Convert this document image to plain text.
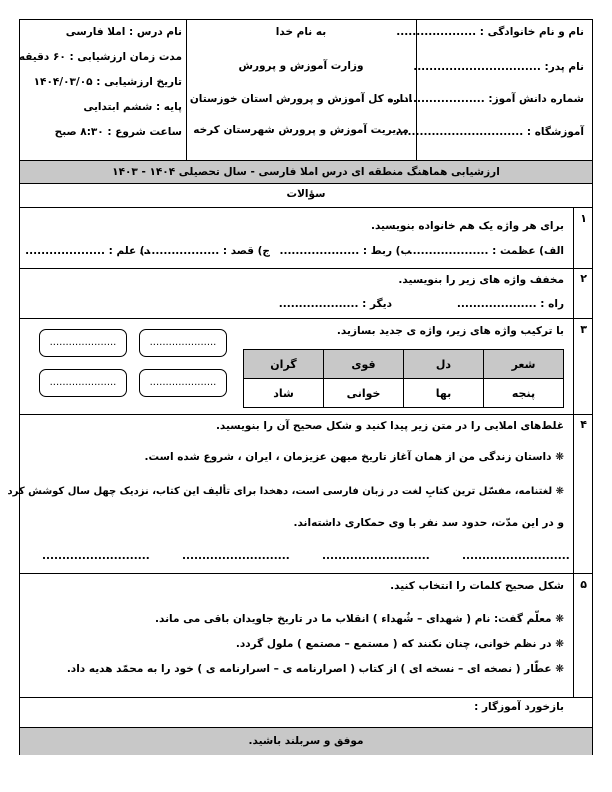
نام و نام خانوادگی : ....................
نام پدر: ................................
شماره دانش آموز: ........................
آموزشگاه : ................................
به نام خدا
وزارت آموزش و پرورش
اداره کل آموزش و پرورش استان خوزستان
مدیریت آموزش و پرورش شهرستان کرخه
نام درس : املا فارسی
مدت زمان ارزشیابی : ۶۰ دقیقه
تاریخ ارزشیابی : ۱۴۰۴/۰۳/۰۵
پایه : ششم ابتدایی
ساعت شروع : ۸:۳۰ صبح
ارزشیابی هماهنگ منطقه ای درس املا فارسی - سال تحصیلی ۱۴۰۴ - ۱۴۰۳
سؤالات
۱
برای هر واژه یک هم خانواده بنویسید.
الف) عظمت : ....................
ب) ربط : ....................
ج) قصد : ....................
د) علم : ....................
۲
مخفف واژه های زیر را بنویسید.
راه : ....................
دیگر : ....................
۳
با ترکیب واژه های زیر، واژه ی جدید بسازید.
شعر	دل	قوی	گران
پنجه	بها	خوانی	شاد
.....................	.....................
.....................	.....................
۴
غلط‌های املایی را در متن زیر پیدا کنید و شکل صحیح آن را بنویسید.
❋ داستان زندگی من از همان آغاز تاریخ میهن عزیزمان ، ایران ، شروع شده است.
❋ لغتنامه، مفسّل ترین کتابِ لغت در زبان فارسی است، دهخدا برای تألیف این کتاب، نزدیک چهل سال کوشش کرد
و در این مدّت، حدود سد نفر با وی حمکاری داشته‌اند.
...........................	...........................	...........................	...........................
۵
شکل صحیح کلمات را انتخاب کنید.
❋ معلّم گفت: نام ( شهدای – شُهداء ) انقلاب ما در تاریخ جاویدان باقی می ماند.
❋ در نظم خوانی، چنان نکنند که ( مستمع – مصتمع ) ملول گردد.
❋ عطّار ( نصخه ای – نسخه ای ) از کتاب ( اصرارنامه ی – اسرارنامه ی ) خود را به محمّد هدیه داد.
بازخورد آموزگار :
موفق و سربلند باشید.
